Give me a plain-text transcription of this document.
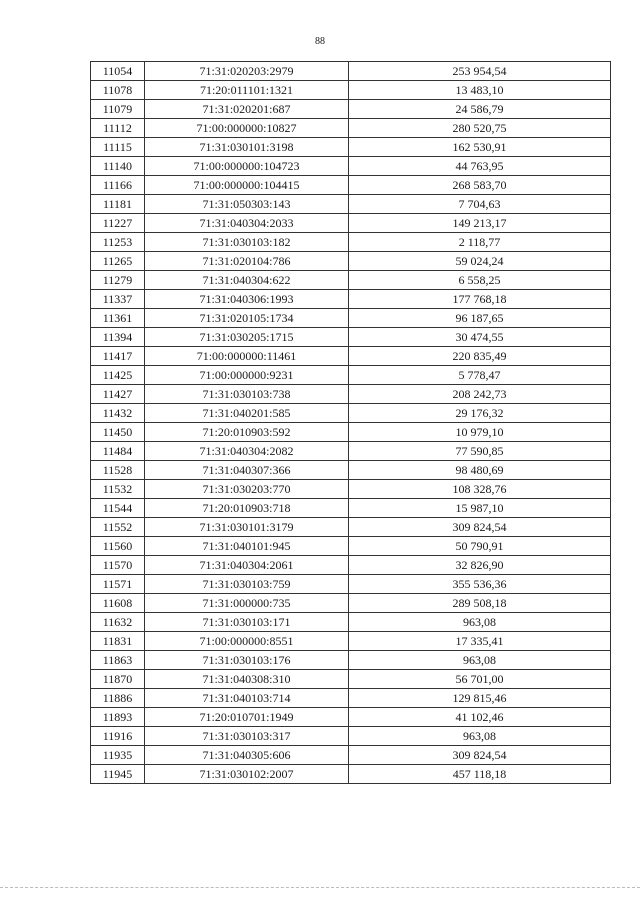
88
11054	71:31:020203:2979	253 954,54
11078	71:20:011101:1321	13 483,10
11079	71:31:020201:687	24 586,79
11112	71:00:000000:10827	280 520,75
11115	71:31:030101:3198	162 530,91
11140	71:00:000000:104723	44 763,95
11166	71:00:000000:104415	268 583,70
11181	71:31:050303:143	7 704,63
11227	71:31:040304:2033	149 213,17
11253	71:31:030103:182	2 118,77
11265	71:31:020104:786	59 024,24
11279	71:31:040304:622	6 558,25
11337	71:31:040306:1993	177 768,18
11361	71:31:020105:1734	96 187,65
11394	71:31:030205:1715	30 474,55
11417	71:00:000000:11461	220 835,49
11425	71:00:000000:9231	5 778,47
11427	71:31:030103:738	208 242,73
11432	71:31:040201:585	29 176,32
11450	71:20:010903:592	10 979,10
11484	71:31:040304:2082	77 590,85
11528	71:31:040307:366	98 480,69
11532	71:31:030203:770	108 328,76
11544	71:20:010903:718	15 987,10
11552	71:31:030101:3179	309 824,54
11560	71:31:040101:945	50 790,91
11570	71:31:040304:2061	32 826,90
11571	71:31:030103:759	355 536,36
11608	71:31:000000:735	289 508,18
11632	71:31:030103:171	963,08
11831	71:00:000000:8551	17 335,41
11863	71:31:030103:176	963,08
11870	71:31:040308:310	56 701,00
11886	71:31:040103:714	129 815,46
11893	71:20:010701:1949	41 102,46
11916	71:31:030103:317	963,08
11935	71:31:040305:606	309 824,54
11945	71:31:030102:2007	457 118,18
